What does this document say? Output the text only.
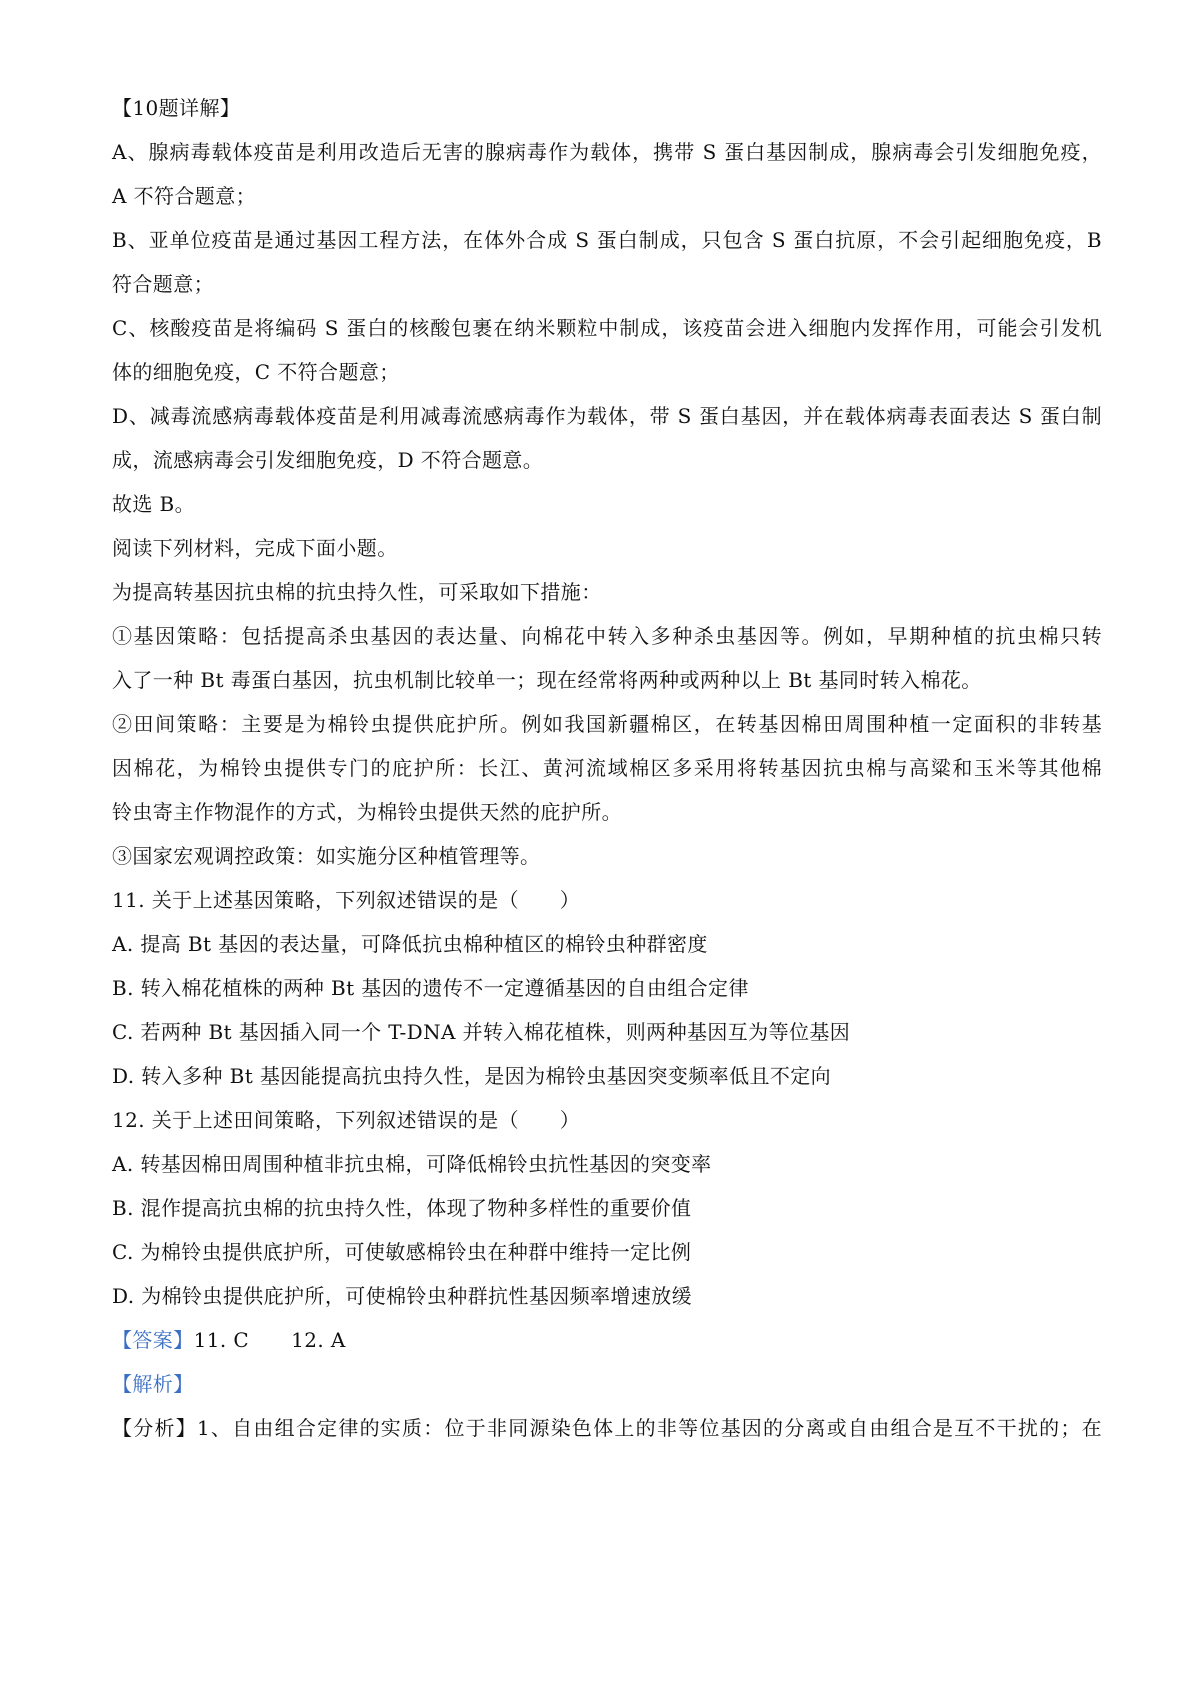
【10题详解】
A、腺病毒载体疫苗是利用改造后无害的腺病毒作为载体，携带 S 蛋白基因制成，腺病毒会引发细胞免疫，
A 不符合题意；
B、亚单位疫苗是通过基因工程方法，在体外合成 S 蛋白制成，只包含 S 蛋白抗原，不会引起细胞免疫，B
符合题意；
C、核酸疫苗是将编码 S 蛋白的核酸包裹在纳米颗粒中制成，该疫苗会进入细胞内发挥作用，可能会引发机
体的细胞免疫，C 不符合题意；
D、减毒流感病毒载体疫苗是利用减毒流感病毒作为载体，带 S 蛋白基因，并在载体病毒表面表达 S 蛋白制
成，流感病毒会引发细胞免疫，D 不符合题意。
故选 B。
阅读下列材料，完成下面小题。
为提高转基因抗虫棉的抗虫持久性，可采取如下措施：
①基因策略：包括提高杀虫基因的表达量、向棉花中转入多种杀虫基因等。例如，早期种植的抗虫棉只转
入了一种 Bt 毒蛋白基因，抗虫机制比较单一；现在经常将两种或两种以上 Bt 基同时转入棉花。
②田间策略：主要是为棉铃虫提供庇护所。例如我国新疆棉区，在转基因棉田周围种植一定面积的非转基
因棉花，为棉铃虫提供专门的庇护所：长江、黄河流域棉区多采用将转基因抗虫棉与高粱和玉米等其他棉
铃虫寄主作物混作的方式，为棉铃虫提供天然的庇护所。
③国家宏观调控政策：如实施分区种植管理等。
11. 关于上述基因策略，下列叙述错误的是（　　）
A. 提高 Bt 基因的表达量，可降低抗虫棉种植区的棉铃虫种群密度
B. 转入棉花植株的两种 Bt 基因的遗传不一定遵循基因的自由组合定律
C. 若两种 Bt 基因插入同一个 T-DNA 并转入棉花植株，则两种基因互为等位基因
D. 转入多种 Bt 基因能提高抗虫持久性，是因为棉铃虫基因突变频率低且不定向
12. 关于上述田间策略，下列叙述错误的是（　　）
A. 转基因棉田周围种植非抗虫棉，可降低棉铃虫抗性基因的突变率
B. 混作提高抗虫棉的抗虫持久性，体现了物种多样性的重要价值
C. 为棉铃虫提供底护所，可使敏感棉铃虫在种群中维持一定比例
D. 为棉铃虫提供庇护所，可使棉铃虫种群抗性基因频率增速放缓
【答案】11. C 12. A
【解析】
【分析】1、自由组合定律的实质：位于非同源染色体上的非等位基因的分离或自由组合是互不干扰的；在
